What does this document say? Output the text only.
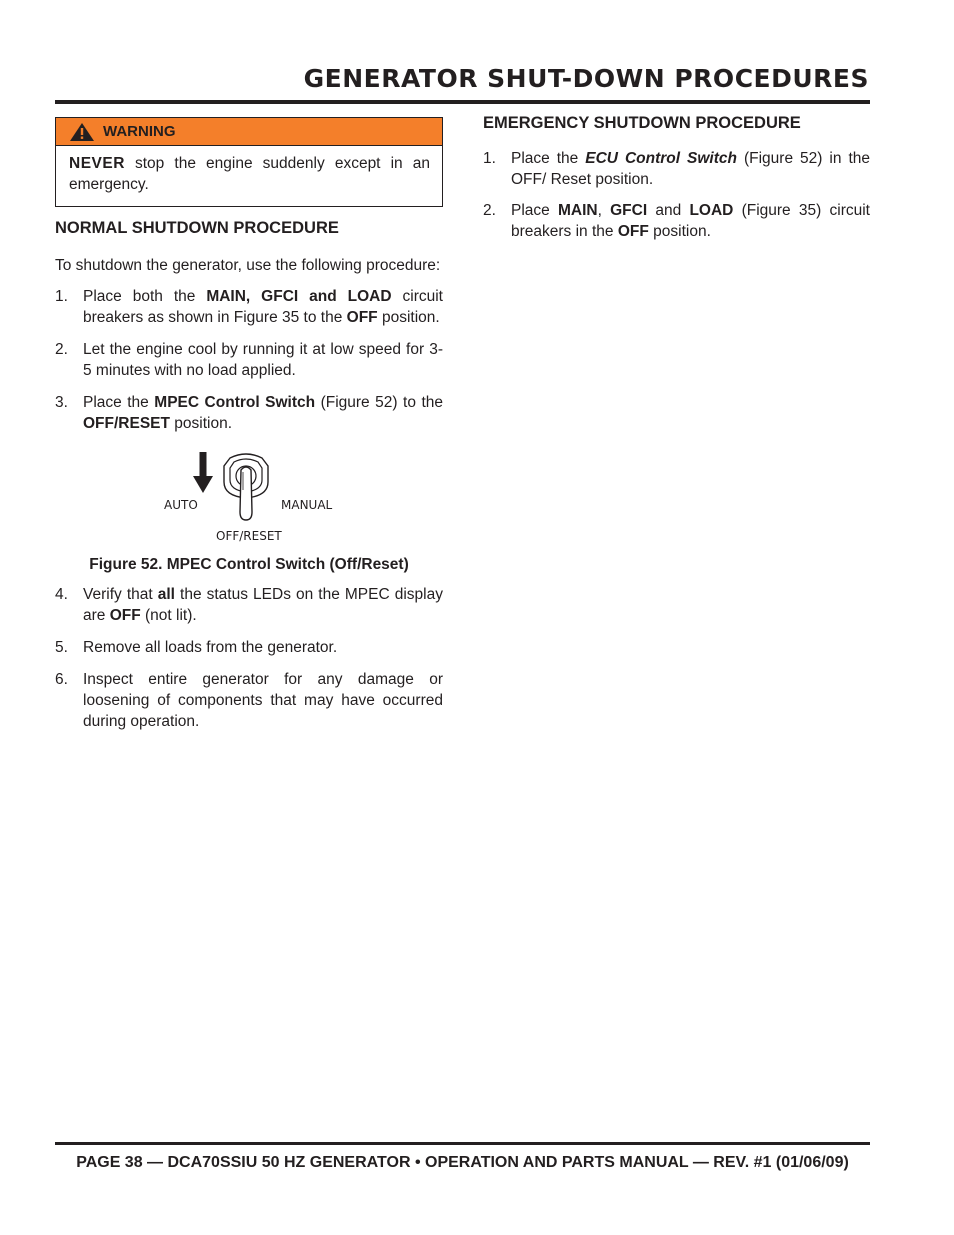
GENERATOR SHUT-DOWN PROCEDURES
WARNING
NEVER stop the engine suddenly except in an emergency.
NORMAL SHUTDOWN PROCEDURE

To shutdown the generator, use the following procedure:

1. Place both the MAIN, GFCI and LOAD circuit breakers as shown in Figure 35 to the OFF position.
2. Let the engine cool by running it at low speed for 3-5 minutes with no load applied.
3. Place the MPEC Control Switch (Figure 52) to the OFF/RESET position.
AUTO	MANUAL
OFF/RESET
Figure 52. MPEC Control Switch (Off/Reset)
4. Verify that all the status LEDs on the MPEC display are OFF (not lit).
5. Remove all loads from the generator.
6. Inspect entire generator for any damage or loosening of components that may have occurred during operation.
EMERGENCY SHUTDOWN PROCEDURE
1. Place the ECU Control Switch (Figure 52) in the OFF/ Reset position.
2. Place MAIN, GFCI and LOAD (Figure 35) circuit breakers in the OFF position.
PAGE 38 — DCA70SSIU 50 HZ GENERATOR • OPERATION AND PARTS MANUAL — REV. #1 (01/06/09)
